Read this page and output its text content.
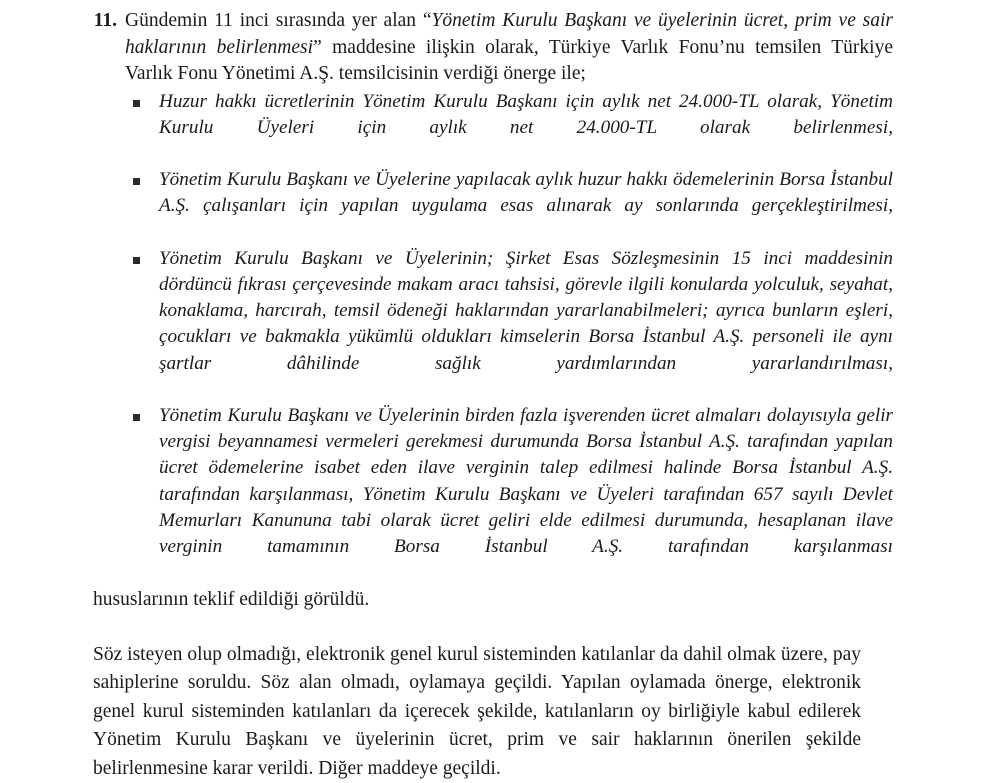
11. Gündemin 11 inci sırasında yer alan “Yönetim Kurulu Başkanı ve üyelerinin ücret, prim ve sair haklarının belirlenmesi” maddesine ilişkin olarak, Türkiye Varlık Fonu’nu temsilen Türkiye Varlık Fonu Yönetimi A.Ş. temsilcisinin verdiği önerge ile;
Huzur hakkı ücretlerinin Yönetim Kurulu Başkanı için aylık net 24.000-TL olarak, Yönetim Kurulu Üyeleri için aylık net 24.000-TL olarak belirlenmesi,
Yönetim Kurulu Başkanı ve Üyelerine yapılacak aylık huzur hakkı ödemelerinin Borsa İstanbul A.Ş. çalışanları için yapılan uygulama esas alınarak ay sonlarında gerçekleştirilmesi,
Yönetim Kurulu Başkanı ve Üyelerinin; Şirket Esas Sözleşmesinin 15 inci maddesinin dördüncü fıkrası çerçevesinde makam aracı tahsisi, görevle ilgili konularda yolculuk, seyahat, konaklama, harcırah, temsil ödeneği haklarından yararlanabilmeleri; ayrıca bunların eşleri, çocukları ve bakmakla yükümlü oldukları kimselerin Borsa İstanbul A.Ş. personeli ile aynı şartlar dâhilinde sağlık yardımlarından yararlandırılması,
Yönetim Kurulu Başkanı ve Üyelerinin birden fazla işverenden ücret almaları dolayısıyla gelir vergisi beyannamesi vermeleri gerekmesi durumunda Borsa İstanbul A.Ş. tarafından yapılan ücret ödemelerine isabet eden ilave verginin talep edilmesi halinde Borsa İstanbul A.Ş. tarafından karşılanması, Yönetim Kurulu Başkanı ve Üyeleri tarafından 657 sayılı Devlet Memurları Kanununa tabi olarak ücret geliri elde edilmesi durumunda, hesaplanan ilave verginin tamamının Borsa İstanbul A.Ş. tarafından karşılanması
hususlarının teklif edildiği görüldü.
Söz isteyen olup olmadığı, elektronik genel kurul sisteminden katılanlar da dahil olmak üzere, pay sahiplerine soruldu. Söz alan olmadı, oylamaya geçildi. Yapılan oylamada önerge, elektronik genel kurul sisteminden katılanları da içerecek şekilde, katılanların oy birliğiyle kabul edilerek Yönetim Kurulu Başkanı ve üyelerinin ücret, prim ve sair haklarının önerilen şekilde belirlenmesine karar verildi. Diğer maddeye geçildi.
